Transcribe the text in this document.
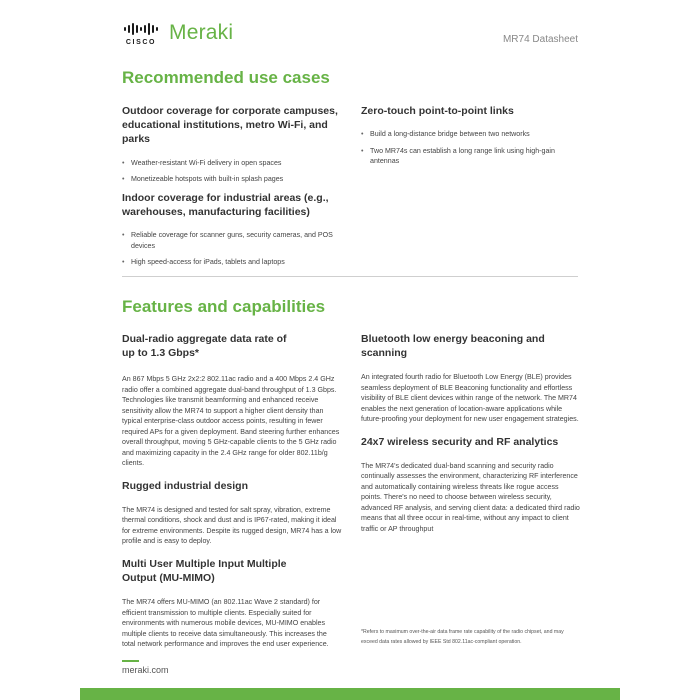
CISCO Meraki	MR74 Datasheet
Recommended use cases
Outdoor coverage for corporate campuses, educational institutions, metro Wi-Fi, and parks
• Weather-resistant Wi-Fi delivery in open spaces
• Monetizeable hotspots with built-in splash pages
Indoor coverage for industrial areas (e.g., warehouses, manufacturing facilities)
• Reliable coverage for scanner guns, security cameras, and POS devices
• High speed-access for iPads, tablets and laptops
Zero-touch point-to-point links
• Build a long-distance bridge between two networks
• Two MR74s can establish a long range link using high-gain antennas
Features and capabilities
Dual-radio aggregate data rate of up to 1.3 Gbps*

An 867 Mbps 5 GHz 2x2:2 802.11ac radio and a 400 Mbps 2.4 GHz radio offer a combined aggregate dual-band throughput of 1.3 Gbps. Technologies like transmit beamforming and enhanced receive sensitivity allow the MR74 to support a higher client density than typical enterprise-class outdoor access points, resulting in fewer required APs for a given deployment. Band steering further enhances overall throughput, moving 5 GHz-capable clients to the 5 GHz radio and maximizing capacity in the 2.4 GHz range for older 802.11b/g clients.

Rugged industrial design

The MR74 is designed and tested for salt spray, vibration, extreme thermal conditions, shock and dust and is IP67-rated, making it ideal for extreme environments. Despite its rugged design, MR74 has a low profile and is easy to deploy.

Multi User Multiple Input Multiple Output (MU-MIMO)

The MR74 offers MU-MIMO (an 802.11ac Wave 2 standard) for efficient transmission to multiple clients. Especially suited for environments with numerous mobile devices, MU-MIMO enables multiple clients to receive data simultaneously. This increases the total network performance and improves the end user experience.

Bluetooth low energy beaconing and scanning

An integrated fourth radio for Bluetooth Low Energy (BLE) provides seamless deployment of BLE Beaconing functionality and effortless visibility of BLE client devices within range of the network. The MR74 enables the next generation of location-aware applications while future-proofing your deployment for new user engagement strategies.

24x7 wireless security and RF analytics

The MR74's dedicated dual-band scanning and security radio continually assesses the environment, characterizing RF interference and automatically containing wireless threats like rogue access points. There's no need to choose between wireless security, advanced RF analysis, and serving client data: a dedicated third radio means that all three occur in real-time, without any impact to client traffic or AP throughput

*Refers to maximum over-the-air data frame rate capability of the radio chipset, and may exceed data rates allowed by IEEE Std 802.11ac-compliant operation.
meraki.com
